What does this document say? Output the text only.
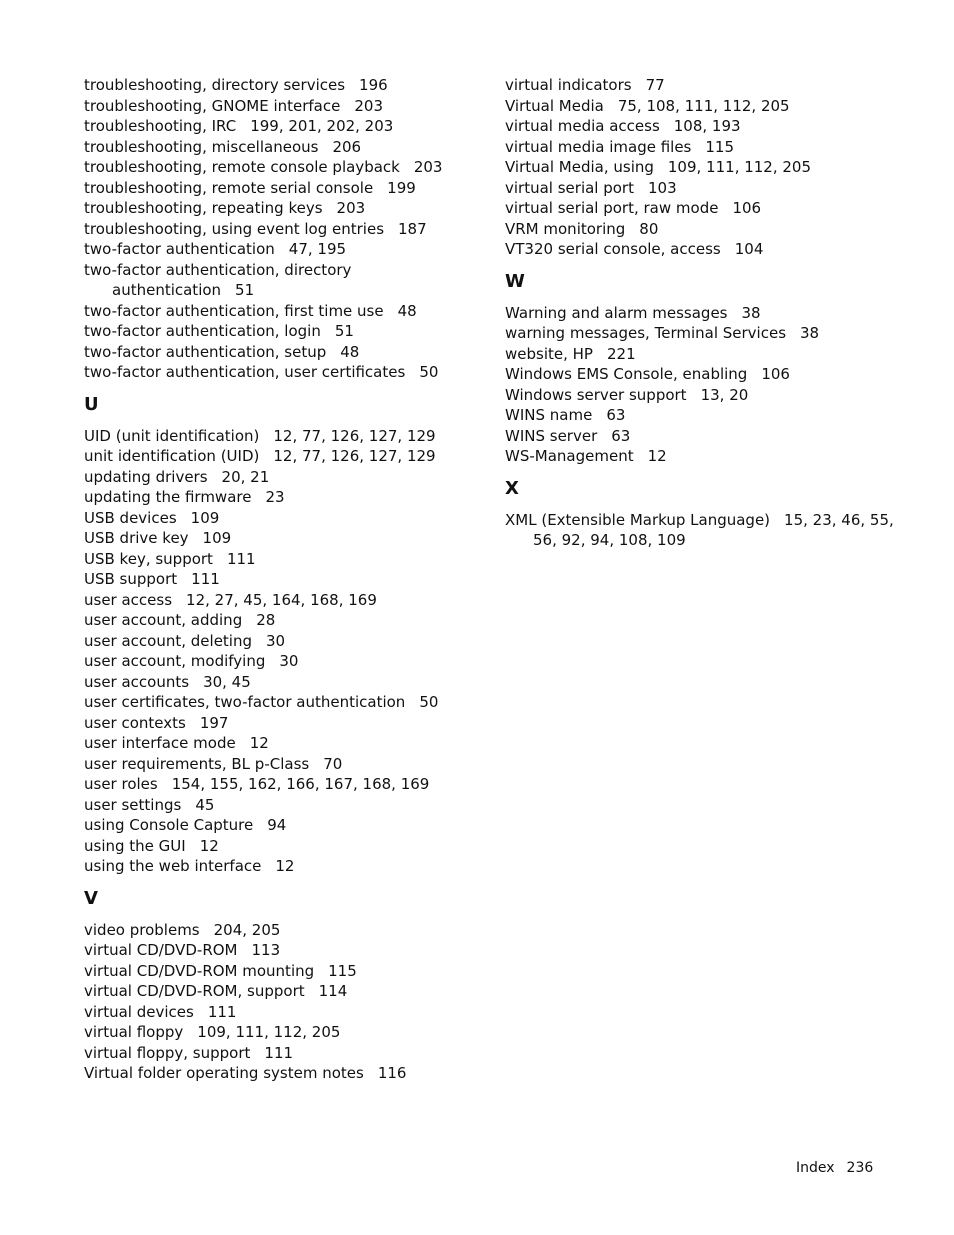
troubleshooting, directory services 196
troubleshooting, GNOME interface 203
troubleshooting, IRC 199, 201, 202, 203
troubleshooting, miscellaneous 206
troubleshooting, remote console playback 203
troubleshooting, remote serial console 199
troubleshooting, repeating keys 203
troubleshooting, using event log entries 187
two-factor authentication 47, 195
two-factor authentication, directory
authentication 51
two-factor authentication, first time use 48
two-factor authentication, login 51
two-factor authentication, setup 48
two-factor authentication, user certificates 50
U
UID (unit identification) 12, 77, 126, 127, 129
unit identification (UID) 12, 77, 126, 127, 129
updating drivers 20, 21
updating the firmware 23
USB devices 109
USB drive key 109
USB key, support 111
USB support 111
user access 12, 27, 45, 164, 168, 169
user account, adding 28
user account, deleting 30
user account, modifying 30
user accounts 30, 45
user certificates, two-factor authentication 50
user contexts 197
user interface mode 12
user requirements, BL p-Class 70
user roles 154, 155, 162, 166, 167, 168, 169
user settings 45
using Console Capture 94
using the GUI 12
using the web interface 12
V
video problems 204, 205
virtual CD/DVD-ROM 113
virtual CD/DVD-ROM mounting 115
virtual CD/DVD-ROM, support 114
virtual devices 111
virtual floppy 109, 111, 112, 205
virtual floppy, support 111
Virtual folder operating system notes 116
virtual indicators 77
Virtual Media 75, 108, 111, 112, 205
virtual media access 108, 193
virtual media image files 115
Virtual Media, using 109, 111, 112, 205
virtual serial port 103
virtual serial port, raw mode 106
VRM monitoring 80
VT320 serial console, access 104
W
Warning and alarm messages 38
warning messages, Terminal Services 38
website, HP 221
Windows EMS Console, enabling 106
Windows server support 13, 20
WINS name 63
WINS server 63
WS-Management 12
X
XML (Extensible Markup Language) 15, 23, 46, 55,
56, 92, 94, 108, 109
Index 236
